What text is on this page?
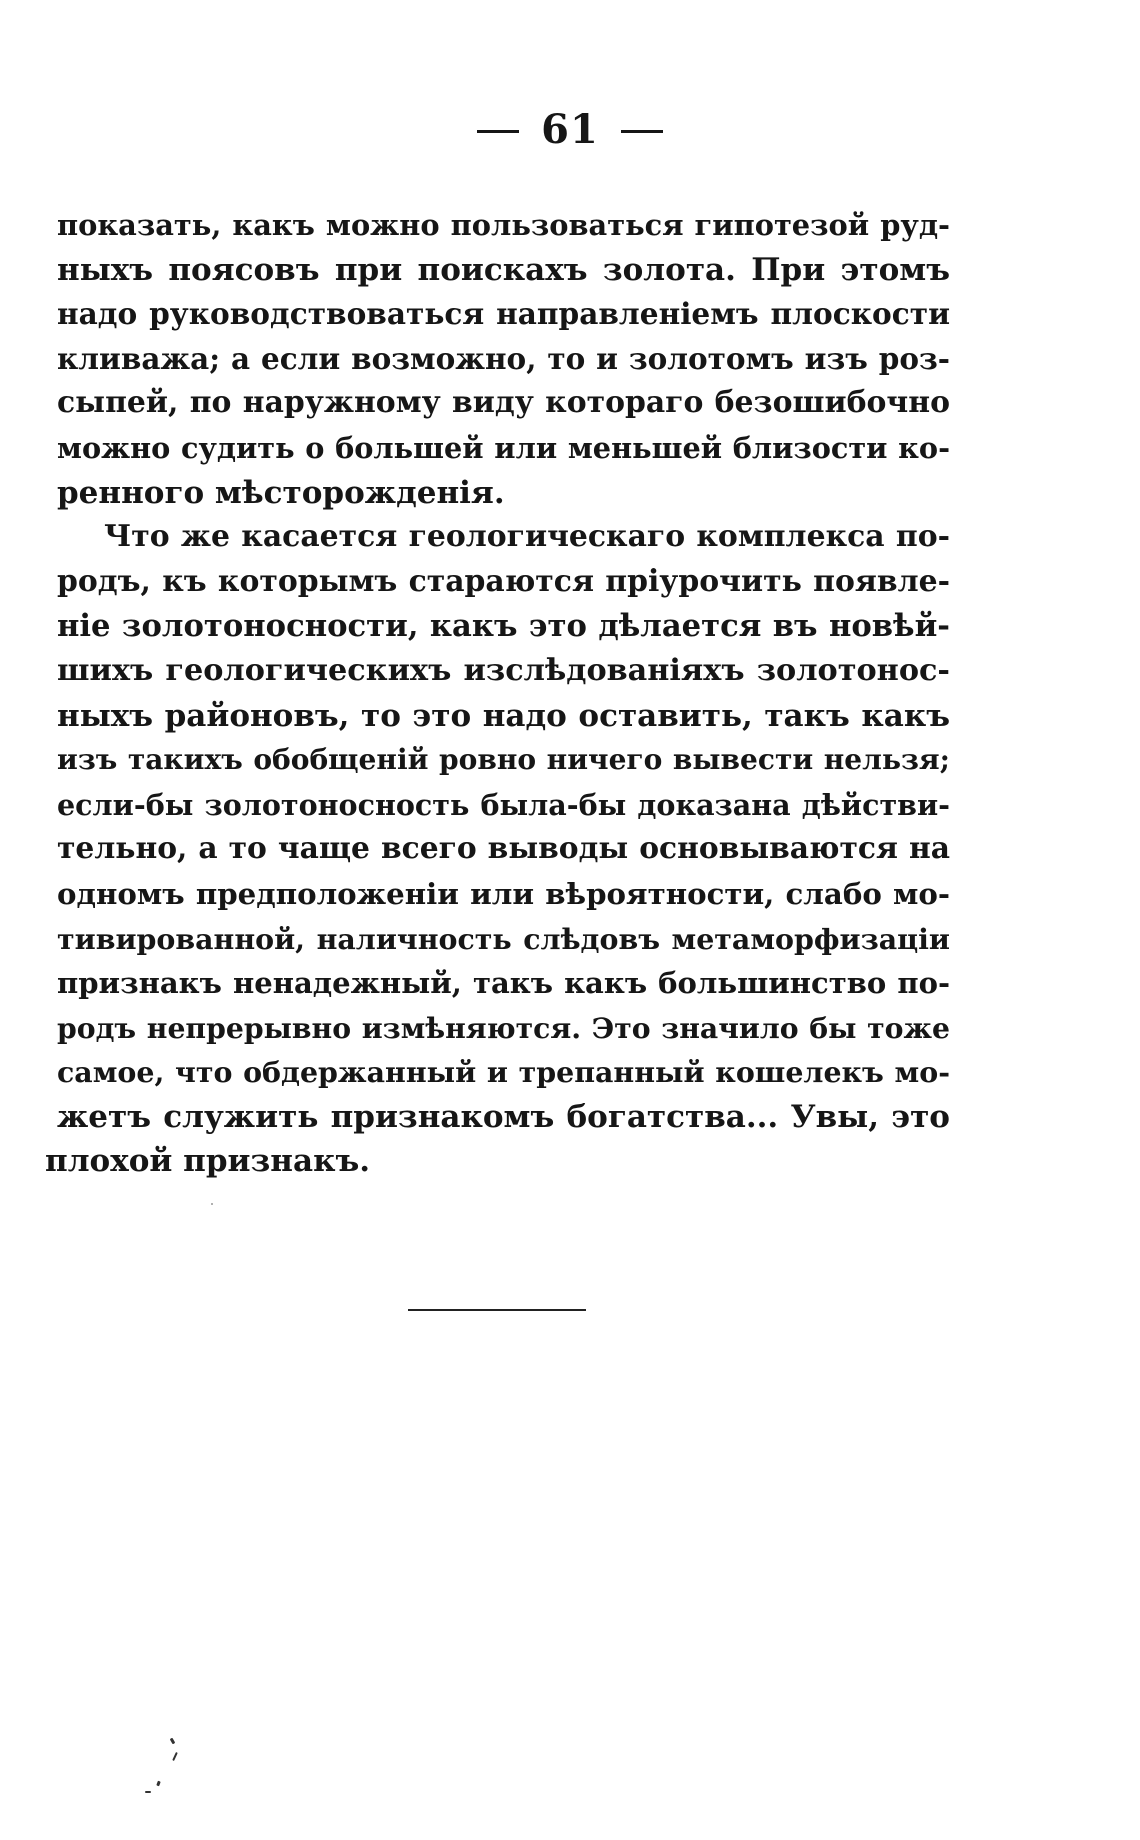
61
показать, какъ можно пользоваться гипотезой руд-
ныхъ поясовъ при поискахъ золота. При этомъ
надо руководствоваться направленіемъ плоскости
кливажа; а если возможно, то и золотомъ изъ роз-
сыпей, по наружному виду котораго безошибочно
можно судить о большей или меньшей близости ко-
ренного мѣсторожденія.
Что же касается геологическаго комплекса по-
родъ, къ которымъ стараются пріурочить появле-
ніе золотоносности, какъ это дѣлается въ новѣй-
шихъ геологическихъ изслѣдованіяхъ золотонос-
ныхъ районовъ, то это надо оставить, такъ какъ
изъ такихъ обобщеній ровно ничего вывести нельзя;
если-бы золотоносность была-бы доказана дѣйстви-
тельно, а то чаще всего выводы основываются на
одномъ предположеніи или вѣроятности, слабо мо-
тивированной, наличность слѣдовъ метаморфизаціи
признакъ ненадежный, такъ какъ большинство по-
родъ непрерывно измѣняются. Это значило бы тоже
самое, что обдержанный и трепанный кошелекъ мо-
жетъ служить признакомъ богатства... Увы, это
плохой признакъ.
